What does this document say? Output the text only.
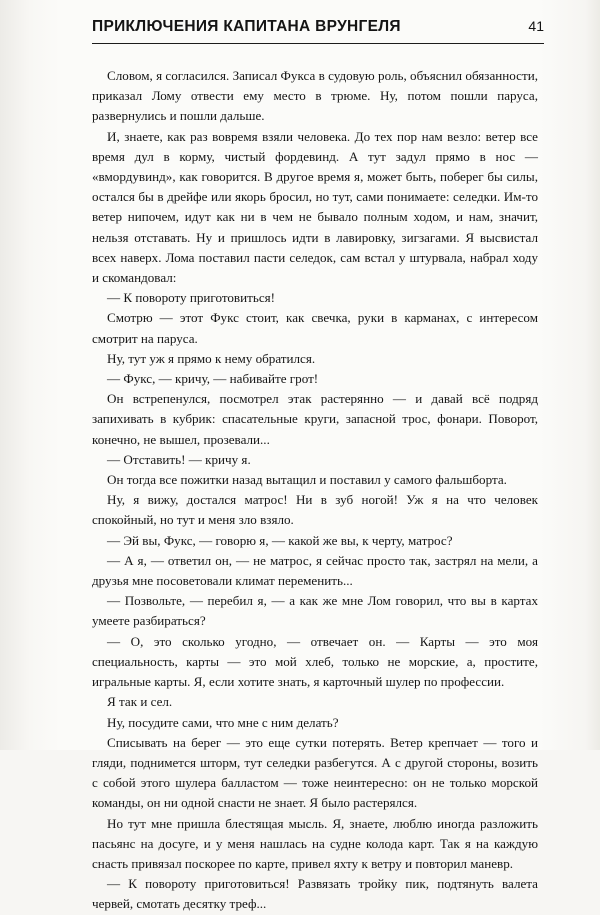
ПРИКЛЮЧЕНИЯ КАПИТАНА ВРУНГЕЛЯ	41

Словом, я согласился. Записал Фукса в судовую роль, объяснил обязанности, приказал Лому отвести ему место в трюме. Ну, потом пошли паруса, развернулись и пошли дальше.

И, знаете, как раз вовремя взяли человека. До тех пор нам везло: ветер все время дул в корму, чистый фордевинд. А тут задул прямо в нос — «вмордувинд», как говорится. В другое время я, может быть, поберег бы силы, остался бы в дрейфе или якорь бросил, но тут, сами понимаете: селедки. Им-то ветер нипочем, идут как ни в чем не бывало полным ходом, и нам, значит, нельзя отставать. Ну и пришлось идти в лавировку, зигзагами. Я высвистал всех наверх. Лома поставил пасти селедок, сам встал у штурвала, набрал ходу и скомандовал:

— К повороту приготовиться!

Смотрю — этот Фукс стоит, как свечка, руки в карманах, с интересом смотрит на паруса.

Ну, тут уж я прямо к нему обратился.

— Фукс, — кричу, — набивайте грот!

Он встрепенулся, посмотрел этак растерянно — и давай всё подряд запихивать в кубрик: спасательные круги, запасной трос, фонари. Поворот, конечно, не вышел, прозевали...

— Отставить! — кричу я.

Он тогда все пожитки назад вытащил и поставил у самого фальшборта.

Ну, я вижу, достался матрос! Ни в зуб ногой! Уж я на что человек спокойный, но тут и меня зло взяло.

— Эй вы, Фукс, — говорю я, — какой же вы, к черту, матрос?

— А я, — ответил он, — не матрос, я сейчас просто так, застрял на мели, а друзья мне посоветовали климат переменить...

— Позвольте, — перебил я, — а как же мне Лом говорил, что вы в картах умеете разбираться?

— О, это сколько угодно, — отвечает он. — Карты — это моя специальность, карты — это мой хлеб, только не морские, а, простите, игральные карты. Я, если хотите знать, я карточный шулер по профессии.

Я так и сел.

Ну, посудите сами, что мне с ним делать?

Списывать на берег — это еще сутки потерять. Ветер крепчает — того и гляди, поднимется шторм, тут селедки разбегутся. А с другой стороны, возить с собой этого шулера балластом — тоже неинтересно: он не только морской команды, он ни одной снасти не знает. Я было растерялся.

Но тут мне пришла блестящая мысль. Я, знаете, люблю иногда разложить пасьянс на досуге, и у меня нашлась на судне колода карт. Так я на каждую снасть привязал поскорее по карте, привел яхту к ветру и повторил маневр.

— К повороту приготовиться! Развязать тройку пик, подтянуть валета червей, смотать десятку треф...
